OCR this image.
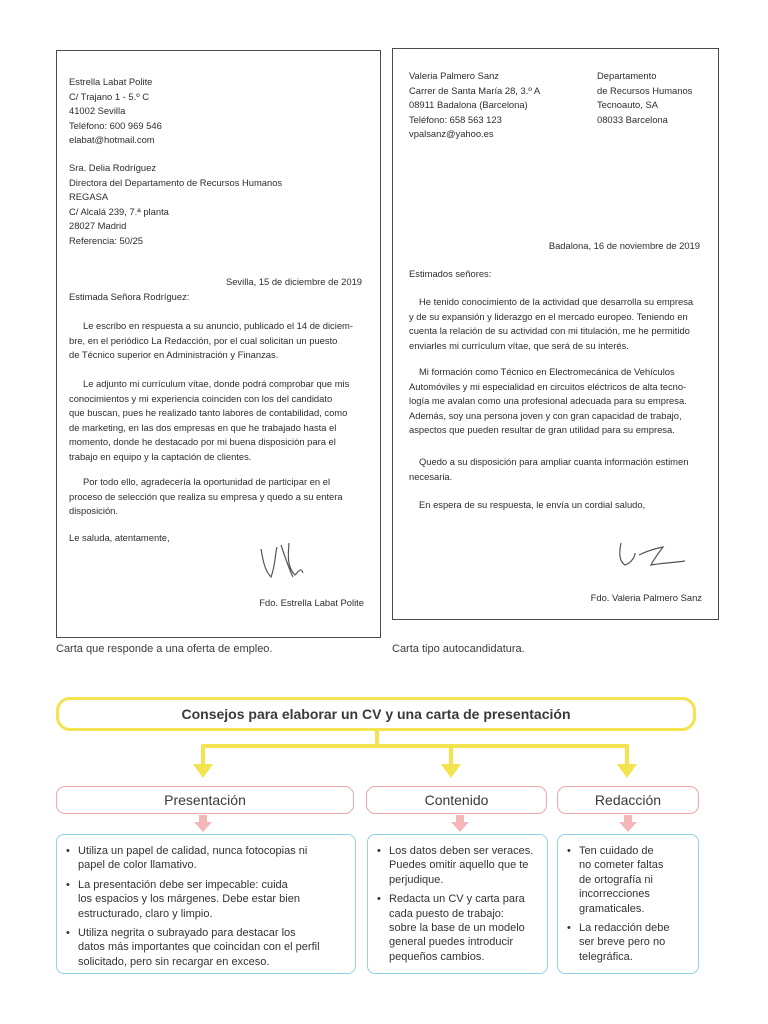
Estrella Labat Polite
C/ Trajano 1 - 5.º C
41002 Sevilla
Teléfono: 600 969 546
elabat@hotmail.com
Sra. Delia Rodríguez
Directora del Departamento de Recursos Humanos
REGASA
C/ Alcalá 239, 7.ª planta
28027 Madrid
Referencia: 50/25
Sevilla, 15 de diciembre de 2019
Estimada Señora Rodríguez:
Le escribo en respuesta a su anuncio, publicado el 14 de diciem-
bre, en el periódico La Redacción, por el cual solicitan un puesto
de Técnico superior en Administración y Finanzas.
Le adjunto mi currículum vítae, donde podrá comprobar que mis
conocimientos y mi experiencia coinciden con los del candidato
que buscan, pues he realizado tanto labores de contabilidad, como
de marketing, en las dos empresas en que he trabajado hasta el
momento, donde he destacado por mi buena disposición para el
trabajo en equipo y la captación de clientes.
Por todo ello, agradecería la oportunidad de participar en el
proceso de selección que realiza su empresa y quedo a su entera
disposición.
Le saluda, atentamente,
Fdo. Estrella Labat Polite
Carta que responde a una oferta de empleo.
Valeria Palmero Sanz
Carrer de Santa María 28, 3.º A
08911 Badalona (Barcelona)
Teléfono: 658 563 123
vpalsanz@yahoo.es
Departamento
de Recursos Humanos
Tecnoauto, SA
08033 Barcelona
Badalona, 16 de noviembre de 2019
Estimados señores:
He tenido conocimiento de la actividad que desarrolla su empresa
y de su expansión y liderazgo en el mercado europeo. Teniendo en
cuenta la relación de su actividad con mi titulación, me he permitido
enviarles mi currículum vítae, que será de su interés.
Mi formación como Técnico en Electromecánica de Vehículos
Automóviles y mi especialidad en circuitos eléctricos de alta tecno-
logía me avalan como una profesional adecuada para su empresa.
Además, soy una persona joven y con gran capacidad de trabajo,
aspectos que pueden resultar de gran utilidad para su empresa.
Quedo a su disposición para ampliar cuanta información estimen
necesaria.
En espera de su respuesta, le envía un cordial saludo,
Fdo. Valeria Palmero Sanz
Carta tipo autocandidatura.
Consejos para elaborar un CV y una carta de presentación
Presentación	Contenido	Redacción
• Utiliza un papel de calidad, nunca fotocopias ni
papel de color llamativo.
• La presentación debe ser impecable: cuida
los espacios y los márgenes. Debe estar bien
estructurado, claro y limpio.
• Utiliza negrita o subrayado para destacar los
datos más importantes que coincidan con el perfil
solicitado, pero sin recargar en exceso.
• Los datos deben ser veraces.
Puedes omitir aquello que te
perjudique.
• Redacta un CV y carta para
cada puesto de trabajo:
sobre la base de un modelo
general puedes introducir
pequeños cambios.
• Ten cuidado de
no cometer faltas
de ortografía ni
incorrecciones
gramaticales.
• La redacción debe
ser breve pero no
telegráfica.
